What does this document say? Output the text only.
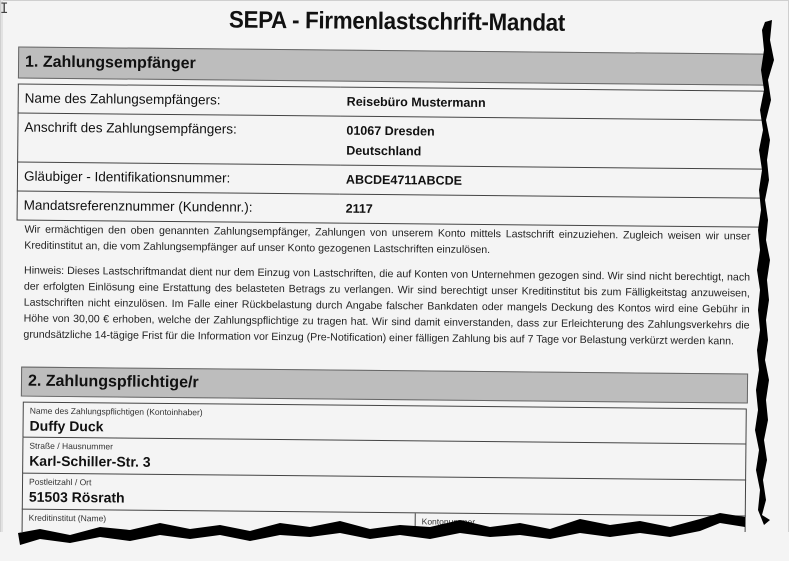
SEPA - Firmenlastschrift-Mandat
1. Zahlungsempfänger
Name des Zahlungsempfängers:	Reisebüro Mustermann
Anschrift des Zahlungsempfängers:	01067 Dresden
Deutschland

Gläubiger - Identifikationsnummer:	ABCDE4711ABCDE
Mandatsreferenznummer (Kundennr.):	2117

Wir ermächtigen den oben genannten Zahlungsempfänger, Zahlungen von unserem Konto mittels Lastschrift einzuziehen. Zugleich weisen wir unser Kreditinstitut an, die vom Zahlungsempfänger auf unser Konto gezogenen Lastschriften einzulösen.

Hinweis: Dieses Lastschriftmandat dient nur dem Einzug von Lastschriften, die auf Konten von Unternehmen gezogen sind. Wir sind nicht berechtigt, nach der erfolgten Einlösung eine Erstattung des belasteten Betrags zu verlangen. Wir sind berechtigt unser Kreditinstitut bis zum Fälligkeitstag anzuweisen, Lastschriften nicht einzulösen. Im Falle einer Rückbelastung durch Angabe falscher Bankdaten oder mangels Deckung des Kontos wird eine Gebühr in Höhe von 30,00 € erhoben, welche der Zahlungspflichtige zu tragen hat. Wir sind damit einverstanden, dass zur Erleichterung des Zahlungsverkehrs die grundsätzliche 14-tägige Frist für die Information vor Einzug (Pre-Notification) einer fälligen Zahlung bis auf 7 Tage vor Belastung verkürzt werden kann.

2. Zahlungspflichtige/r
Name des Zahlungspflichtigen (Kontoinhaber)
Duffy Duck
Straße / Hausnummer
Karl-Schiller-Str. 3
Postleitzahl / Ort
51503 Rösrath
Kreditinstitut (Name)	Kontonummer
I
